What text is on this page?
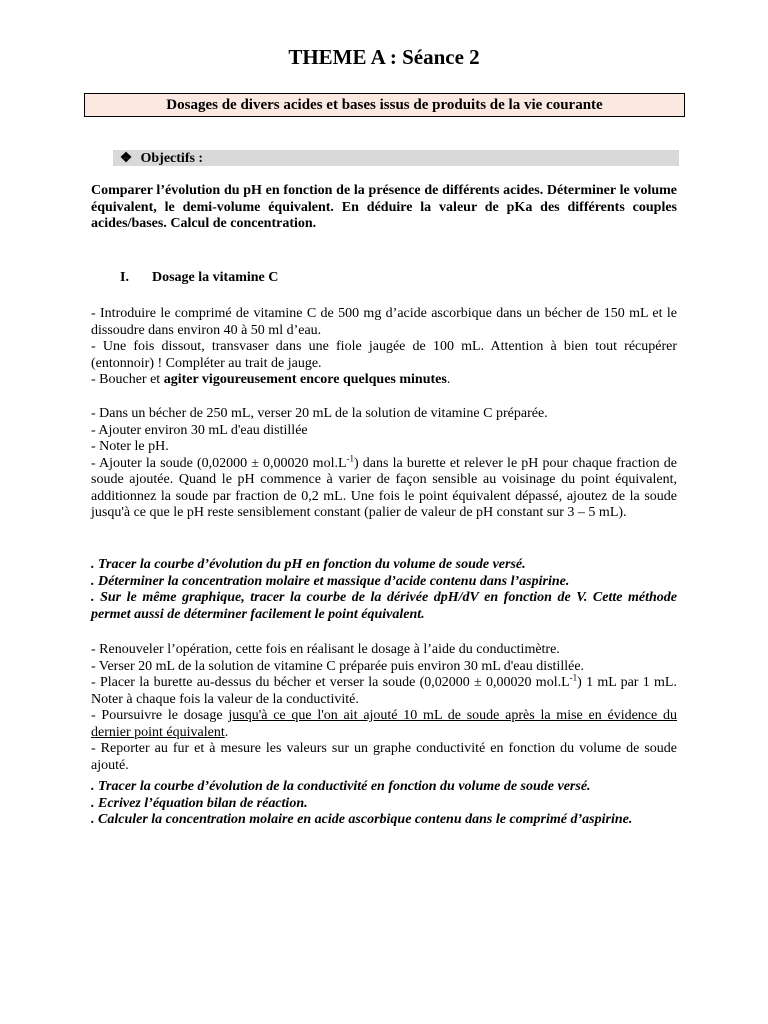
THEME A : Séance 2
Dosages de divers acides et bases issus de produits de la vie courante
❖ Objectifs :
Comparer l’évolution du pH en fonction de la présence de différents acides. Déterminer le volume équivalent, le demi-volume équivalent. En déduire la valeur de pKa des différents couples acides/bases. Calcul de concentration.
I. Dosage la vitamine C

- Introduire le comprimé de vitamine C de 500 mg d’acide ascorbique dans un bécher de 150 mL et le dissoudre dans environ 40 à 50 ml d’eau.

- Une fois dissout, transvaser dans une fiole jaugée de 100 mL. Attention à bien tout récupérer (entonnoir) ! Compléter au trait de jauge.

- Boucher et agiter vigoureusement encore quelques minutes.

- Dans un bécher de 250 mL, verser 20 mL de la solution de vitamine C préparée.

- Ajouter environ 30 mL d'eau distillée

- Noter le pH.

- Ajouter la soude (0,02000 ± 0,00020 $mol.L^{-1}$) dans la burette et relever le pH pour chaque fraction de soude ajoutée. Quand le pH commence à varier de façon sensible au voisinage du point équivalent, additionnez la soude par fraction de 0,2 mL. Une fois le point équivalent dépassé, ajoutez de la soude jusqu'à ce que le pH reste sensiblement constant (palier de valeur de pH constant sur 3 – 5 mL).

. Tracer la courbe d’évolution du pH en fonction du volume de soude versé.

. Déterminer la concentration molaire et massique d’acide contenu dans l’aspirine.

. Sur le même graphique, tracer la courbe de la dérivée dpH/dV en fonction de V. Cette méthode permet aussi de déterminer facilement le point équivalent.

- Renouveler l’opération, cette fois en réalisant le dosage à l’aide du conductimètre.

- Verser 20 mL de la solution de vitamine C préparée puis environ 30 mL d'eau distillée.

- Placer la burette au-dessus du bécher et verser la soude (0,02000 ± 0,00020 $mol.L^{-1}$) 1 mL par 1 mL. Noter à chaque fois la valeur de la conductivité.

- Poursuivre le dosage jusqu'à ce que l'on ait ajouté 10 mL de soude après la mise en évidence du dernier point équivalent.

- Reporter au fur et à mesure les valeurs sur un graphe conductivité en fonction du volume de soude ajouté.

. Tracer la courbe d’évolution de la conductivité en fonction du volume de soude versé.

. Ecrivez l’équation bilan de réaction.

. Calculer la concentration molaire en acide ascorbique contenu dans le comprimé d’aspirine.
